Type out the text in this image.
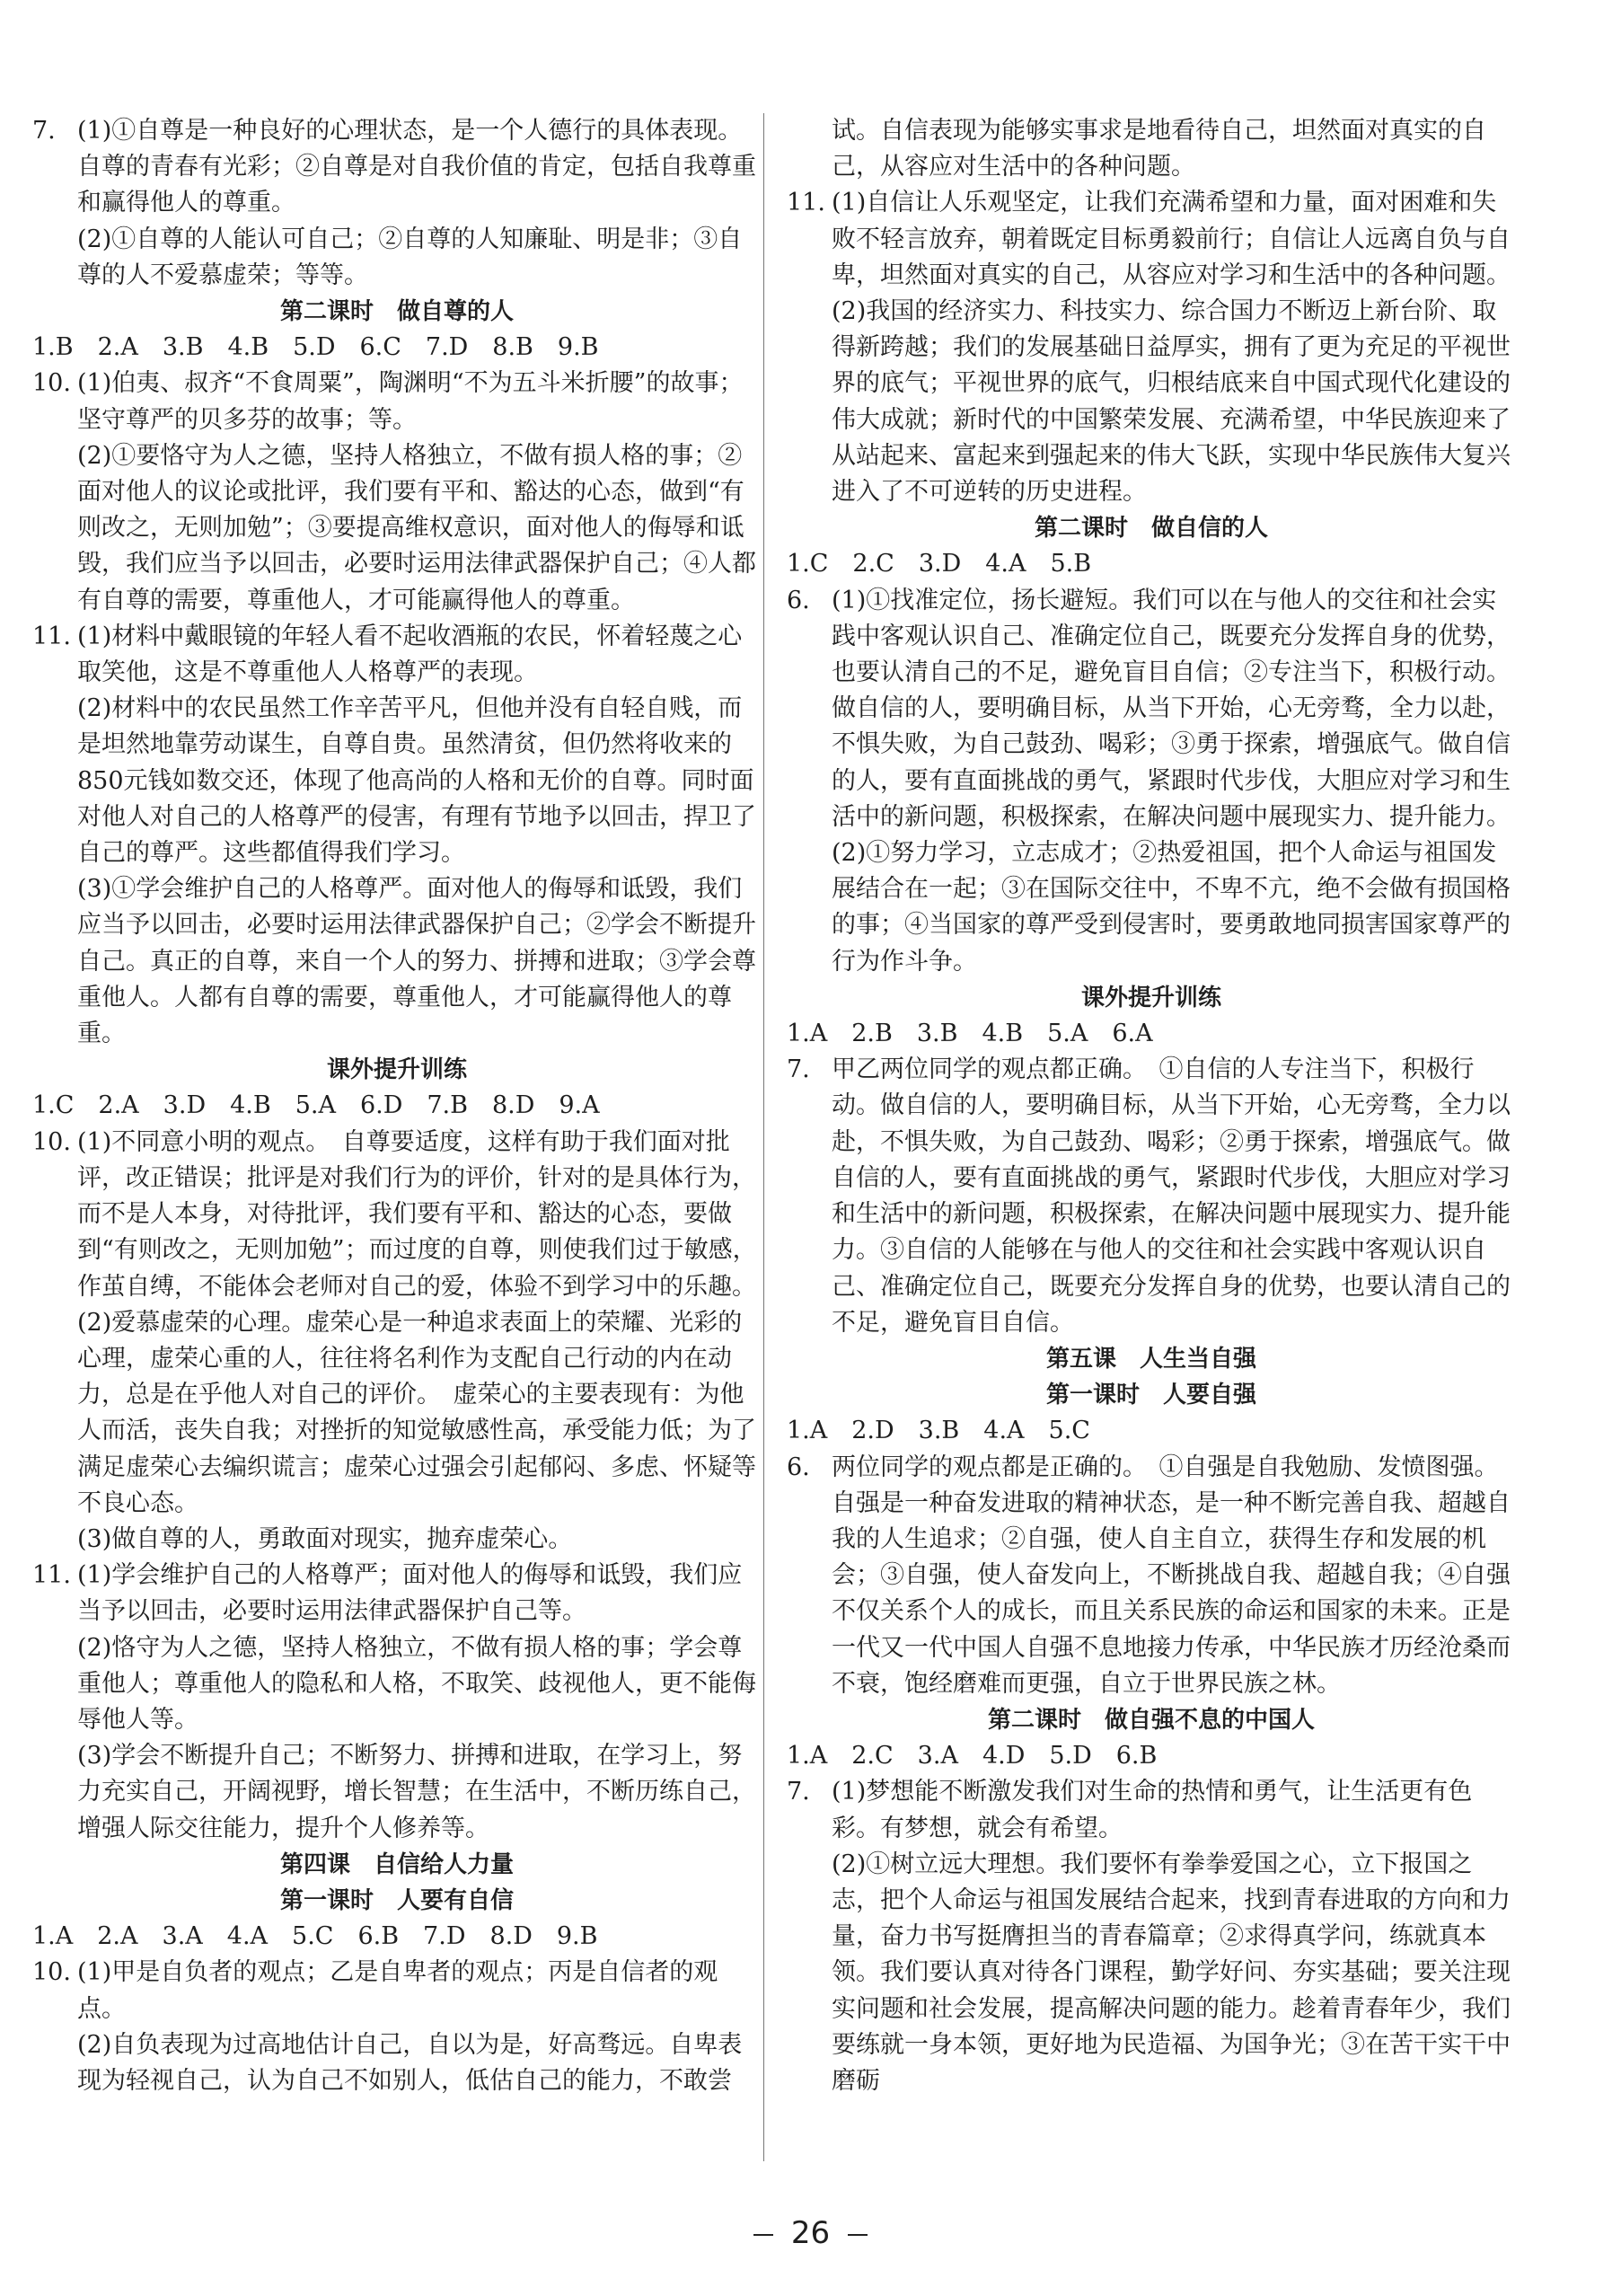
7. (1)①自尊是一种良好的心理状态，是一个人德行的具体表现。自尊的青春有光彩；②自尊是对自我价值的肯定，包括自我尊重和赢得他人的尊重。
(2)①自尊的人能认可自己；②自尊的人知廉耻、明是非；③自尊的人不爱慕虚荣；等等。
第二课时　做自尊的人
1.B　2.A　3.B　4.B　5.D　6.C　7.D　8.B　9.B
10. (1)伯夷、叔齐“不食周粟”，陶渊明“不为五斗米折腰”的故事；坚守尊严的贝多芬的故事；等。
(2)①要恪守为人之德，坚持人格独立，不做有损人格的事；②面对他人的议论或批评，我们要有平和、豁达的心态，做到“有则改之，无则加勉”；③要提高维权意识，面对他人的侮辱和诋毁，我们应当予以回击，必要时运用法律武器保护自己；④人都有自尊的需要，尊重他人，才可能赢得他人的尊重。
11. (1)材料中戴眼镜的年轻人看不起收酒瓶的农民，怀着轻蔑之心取笑他，这是不尊重他人人格尊严的表现。
(2)材料中的农民虽然工作辛苦平凡，但他并没有自轻自贱，而是坦然地靠劳动谋生，自尊自贵。虽然清贫，但仍然将收来的850元钱如数交还，体现了他高尚的人格和无价的自尊。同时面对他人对自己的人格尊严的侵害，有理有节地予以回击，捍卫了自己的尊严。这些都值得我们学习。
(3)①学会维护自己的人格尊严。面对他人的侮辱和诋毁，我们应当予以回击，必要时运用法律武器保护自己；②学会不断提升自己。真正的自尊，来自一个人的努力、拼搏和进取；③学会尊重他人。人都有自尊的需要，尊重他人，才可能赢得他人的尊重。
课外提升训练
1.C　2.A　3.D　4.B　5.A　6.D　7.B　8.D　9.A
10. (1)不同意小明的观点。　自尊要适度，这样有助于我们面对批评，改正错误；批评是对我们行为的评价，针对的是具体行为，而不是人本身，对待批评，我们要有平和、豁达的心态，要做到“有则改之，无则加勉”；而过度的自尊，则使我们过于敏感，作茧自缚，不能体会老师对自己的爱，体验不到学习中的乐趣。
(2)爱慕虚荣的心理。虚荣心是一种追求表面上的荣耀、光彩的心理，虚荣心重的人，往往将名利作为支配自己行动的内在动力，总是在乎他人对自己的评价。　虚荣心的主要表现有：为他人而活，丧失自我；对挫折的知觉敏感性高，承受能力低；为了满足虚荣心去编织谎言；虚荣心过强会引起郁闷、多虑、怀疑等不良心态。
(3)做自尊的人，勇敢面对现实，抛弃虚荣心。
11. (1)学会维护自己的人格尊严；面对他人的侮辱和诋毁，我们应当予以回击，必要时运用法律武器保护自己等。
(2)恪守为人之德，坚持人格独立，不做有损人格的事；学会尊重他人；尊重他人的隐私和人格，不取笑、歧视他人，更不能侮辱他人等。
(3)学会不断提升自己；不断努力、拼搏和进取，在学习上，努力充实自己，开阔视野，增长智慧；在生活中，不断历练自己，增强人际交往能力，提升个人修养等。
第四课　自信给人力量
第一课时　人要有自信
1.A　2.A　3.A　4.A　5.C　6.B　7.D　8.D　9.B
10. (1)甲是自负者的观点；乙是自卑者的观点；丙是自信者的观点。
(2)自负表现为过高地估计自己，自以为是，好高骛远。自卑表现为轻视自己，认为自己不如别人，低估自己的能力，不敢尝
试。自信表现为能够实事求是地看待自己，坦然面对真实的自己，从容应对生活中的各种问题。
11. (1)自信让人乐观坚定，让我们充满希望和力量，面对困难和失败不轻言放弃，朝着既定目标勇毅前行；自信让人远离自负与自卑，坦然面对真实的自己，从容应对学习和生活中的各种问题。
(2)我国的经济实力、科技实力、综合国力不断迈上新台阶、取得新跨越；我们的发展基础日益厚实，拥有了更为充足的平视世界的底气；平视世界的底气，归根结底来自中国式现代化建设的伟大成就；新时代的中国繁荣发展、充满希望，中华民族迎来了从站起来、富起来到强起来的伟大飞跃，实现中华民族伟大复兴进入了不可逆转的历史进程。
第二课时　做自信的人
1.C　2.C　3.D　4.A　5.B
6. (1)①找准定位，扬长避短。我们可以在与他人的交往和社会实践中客观认识自己、准确定位自己，既要充分发挥自身的优势，也要认清自己的不足，避免盲目自信；②专注当下，积极行动。做自信的人，要明确目标，从当下开始，心无旁骛，全力以赴，不惧失败，为自己鼓劲、喝彩；③勇于探索，增强底气。做自信的人，要有直面挑战的勇气，紧跟时代步伐，大胆应对学习和生活中的新问题，积极探索，在解决问题中展现实力、提升能力。
(2)①努力学习，立志成才；②热爱祖国，把个人命运与祖国发展结合在一起；③在国际交往中，不卑不亢，绝不会做有损国格的事；④当国家的尊严受到侵害时，要勇敢地同损害国家尊严的行为作斗争。
课外提升训练
1.A　2.B　3.B　4.B　5.A　6.A
7. 甲乙两位同学的观点都正确。　①自信的人专注当下，积极行动。做自信的人，要明确目标，从当下开始，心无旁骛，全力以赴，不惧失败，为自己鼓劲、喝彩；②勇于探索，增强底气。做自信的人，要有直面挑战的勇气，紧跟时代步伐，大胆应对学习和生活中的新问题，积极探索，在解决问题中展现实力、提升能力。③自信的人能够在与他人的交往和社会实践中客观认识自己、准确定位自己，既要充分发挥自身的优势，也要认清自己的不足，避免盲目自信。
第五课　人生当自强
第一课时　人要自强
1.A　2.D　3.B　4.A　5.C
6. 两位同学的观点都是正确的。　①自强是自我勉励、发愤图强。自强是一种奋发进取的精神状态，是一种不断完善自我、超越自我的人生追求；②自强，使人自主自立，获得生存和发展的机会；③自强，使人奋发向上，不断挑战自我、超越自我；④自强不仅关系个人的成长，而且关系民族的命运和国家的未来。正是一代又一代中国人自强不息地接力传承，中华民族才历经沧桑而不衰，饱经磨难而更强，自立于世界民族之林。
第二课时　做自强不息的中国人
1.A　2.C　3.A　4.D　5.D　6.B
7. (1)梦想能不断激发我们对生命的热情和勇气，让生活更有色彩。有梦想，就会有希望。
(2)①树立远大理想。我们要怀有拳拳爱国之心，立下报国之志，把个人命运与祖国发展结合起来，找到青春进取的方向和力量，奋力书写挺膺担当的青春篇章；②求得真学问，练就真本领。我们要认真对待各门课程，勤学好问、夯实基础；要关注现实问题和社会发展，提高解决问题的能力。趁着青春年少，我们要练就一身本领，更好地为民造福、为国争光；③在苦干实干中磨砺
26
